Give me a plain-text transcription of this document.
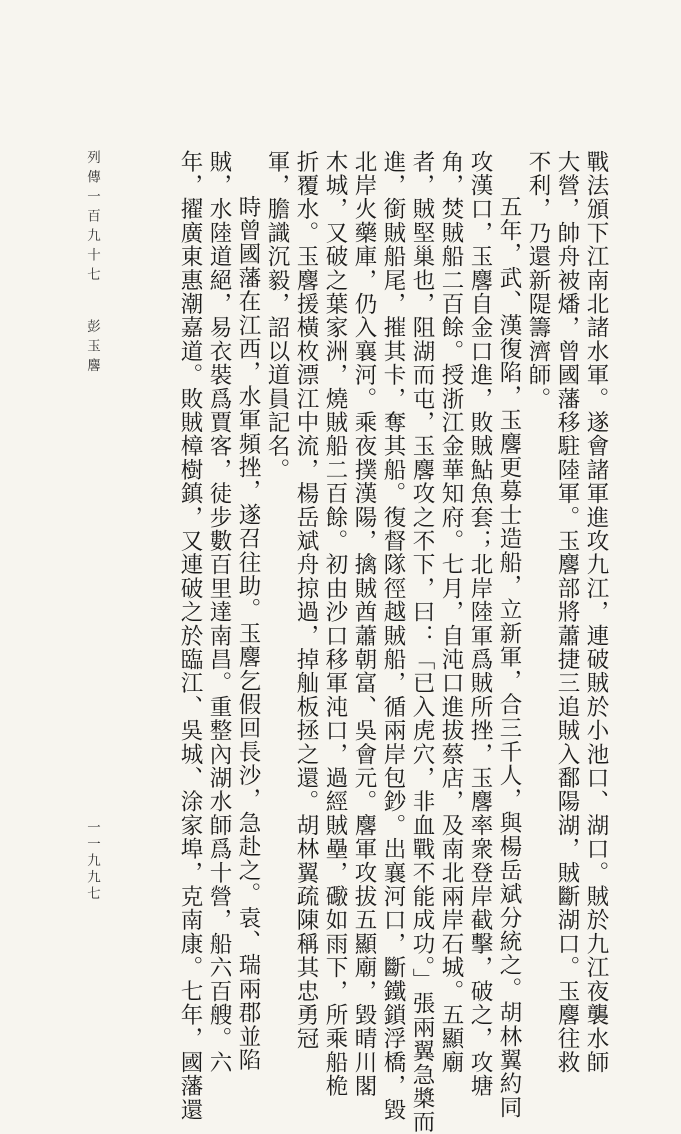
戰法頒下江南北諸水軍。遂會諸軍進攻九江，連破賊於小池口、湖口。賊於九江夜襲水師
大營，帥舟被燔，曾國藩移駐陸軍。玉麐部將蕭捷三追賊入鄱陽湖，賊斷湖口。玉麐往救
不利，乃還新隄籌濟師。
五年，武、漢復陷，玉麐更募士造船，立新軍，合三千人，與楊岳斌分統之。胡林翼約同
攻漢口，玉麐自金口進，敗賊鮎魚套；北岸陸軍爲賊所挫，玉麐率衆登岸截擊，破之，攻塘
角，焚賊船二百餘。授浙江金華知府。七月，自沌口進拔蔡店，及南北兩岸石城。五顯廟
者，賊堅巢也，阻湖而屯，玉麐攻之不下，曰：「已入虎穴，非血戰不能成功。」張兩翼急槳而
進，銜賊船尾，摧其卡，奪其船。復督隊徑越賊船，循兩岸包鈔。出襄河口，斷鐵鎖浮橋，毀
北岸火藥庫，仍入襄河。乘夜撲漢陽，擒賊酋蕭朝富、吳會元。麐軍攻拔五顯廟，毀晴川閣
木城，又破之葉家洲，燒賊船二百餘。初由沙口移軍沌口，過經賊壘，礮如雨下，所乘船桅
折覆水。玉麐援橫枚漂江中流，楊岳斌舟掠過，掉舢板拯之還。胡林翼疏陳稱其忠勇冠
軍，膽識沉毅，詔以道員記名。
時曾國藩在江西，水軍頻挫，遂召往助。玉麐乞假回長沙，急赴之。袁、瑞兩郡並陷
賊，水陸道絕，易衣裝爲賈客，徒步數百里達南昌。重整內湖水師爲十營，船六百艘。六
年，擢廣東惠潮嘉道。敗賊樟樹鎮，又連破之於臨江、吳城、涂家埠，克南康。七年，國藩還
列傳一百九十七 彭玉麐
一一九九七
